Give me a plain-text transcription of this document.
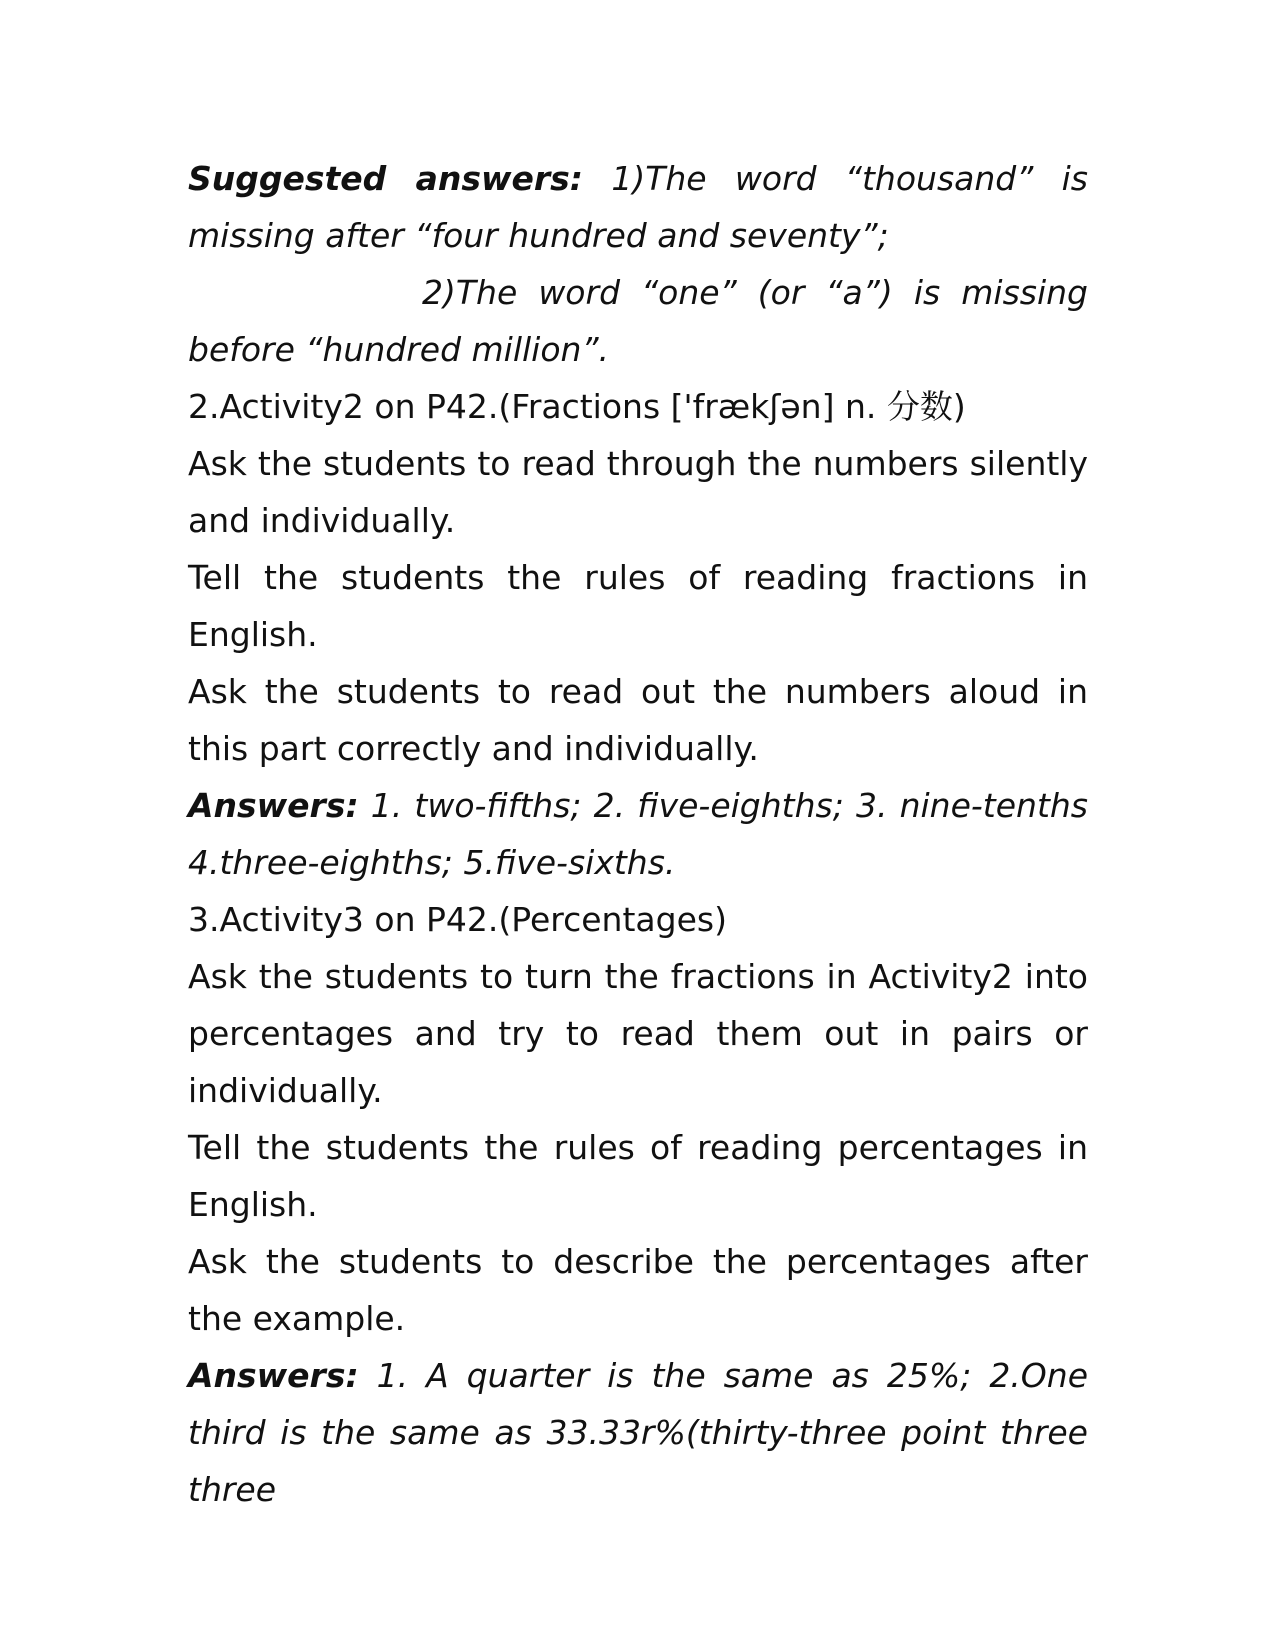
Suggested answers: 1)The word “thousand” is missing after “four hundred and seventy”;

2)The word “one” (or “a”) is missing before “hundred million”.

2.Activity2 on P42.(Fractions ['frækʃən] n. 分数)

Ask the students to read through the numbers silently and individually.

Tell the students the rules of reading fractions in English.

Ask the students to read out the numbers aloud in this part correctly and individually.

Answers: 1. two-fifths; 2. five-eighths; 3. nine-tenths 4.three-eighths; 5.five-sixths.

3.Activity3 on P42.(Percentages)

Ask the students to turn the fractions in Activity2 into percentages and try to read them out in pairs or individually.

Tell the students the rules of reading percentages in English.

Ask the students to describe the percentages after the example.

Answers: 1. A quarter is the same as 25%; 2.One third is the same as 33.33r%(thirty-three point three three
